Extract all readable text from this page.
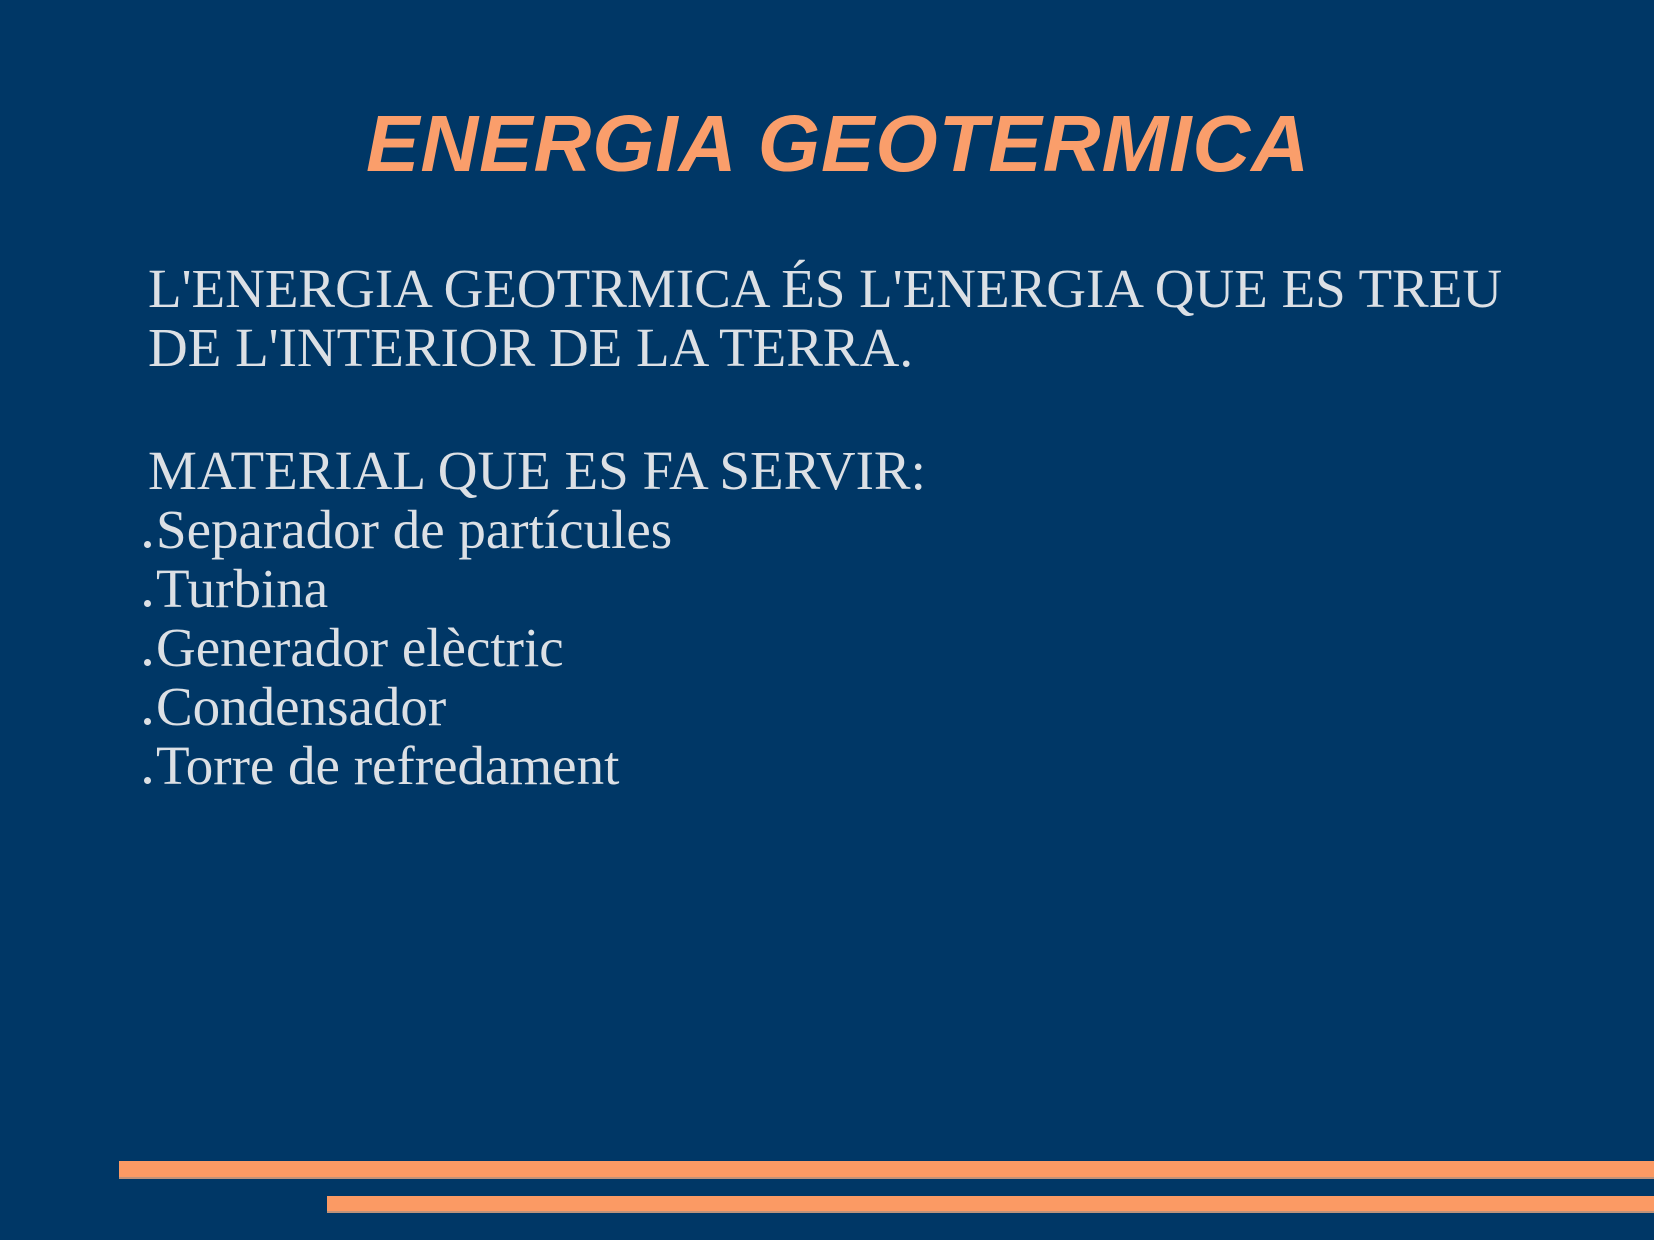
ENERGIA GEOTERMICA

L'ENERGIA GEOTRMICA ÉS L'ENERGIA QUE ES TREU DE L'INTERIOR DE LA TERRA.

MATERIAL QUE ES FA SERVIR:

Separador de partícules
Turbina
Generador elèctric
Condensador
Torre de refredament
